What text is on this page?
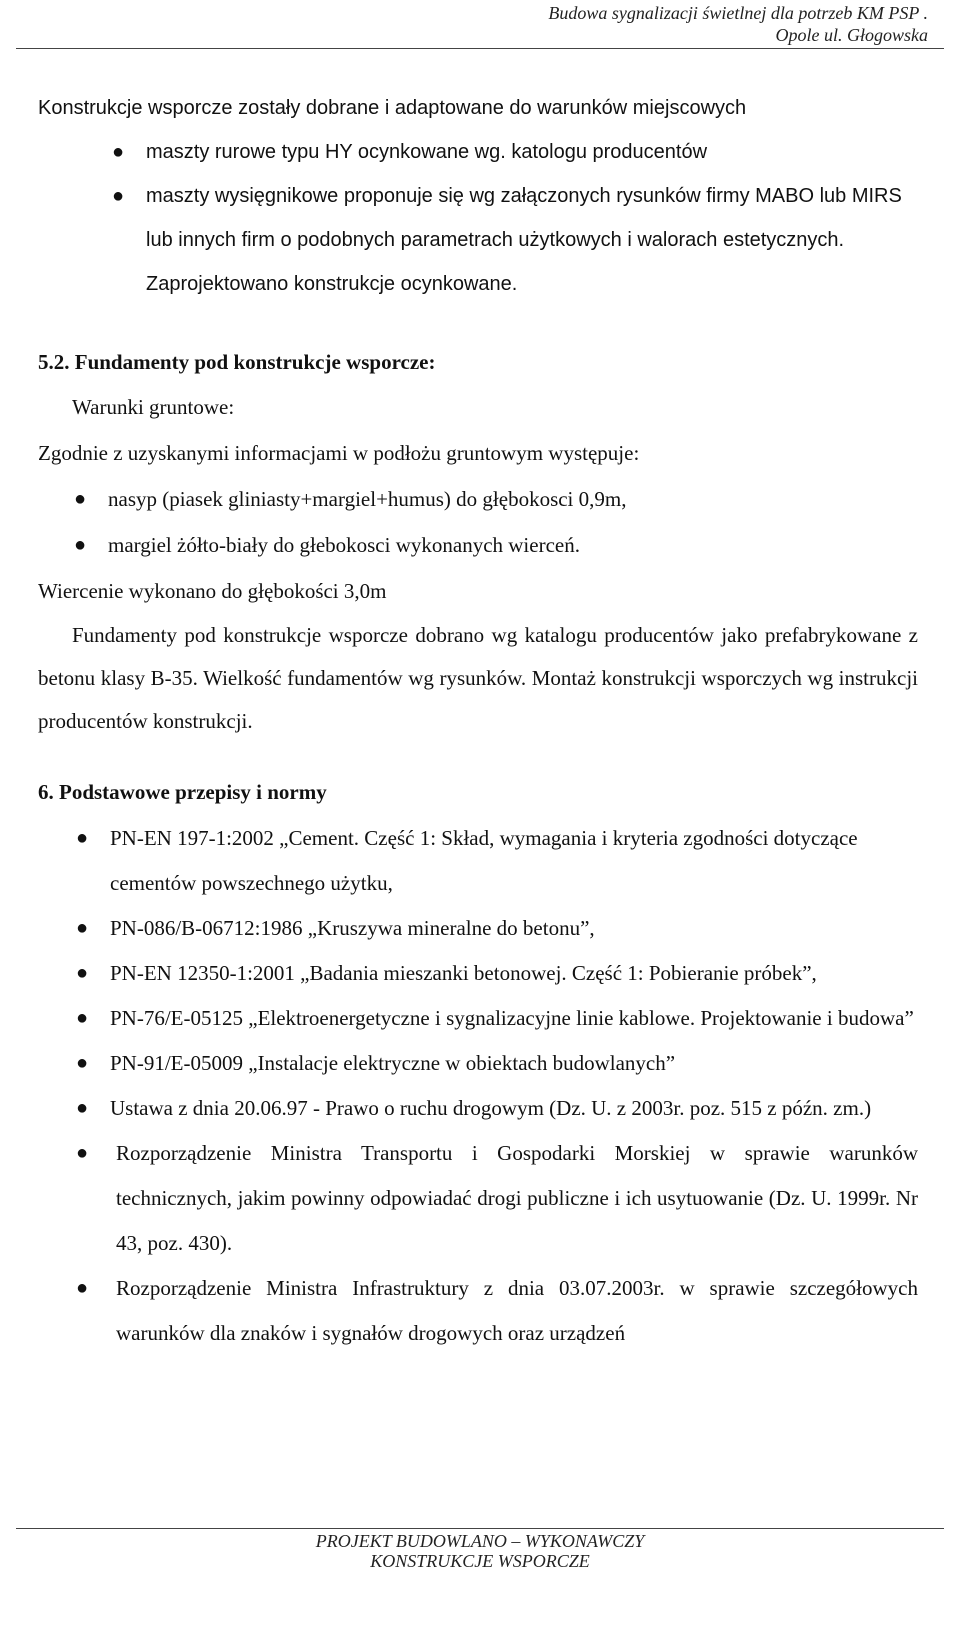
Budowa sygnalizacji świetlnej dla potrzeb KM PSP .
Opole ul. Głogowska
Konstrukcje wsporcze zostały dobrane i adaptowane do warunków miejscowych
● maszty rurowe typu HY ocynkowane wg. katologu producentów
● maszty wysięgnikowe proponuje się wg załączonych rysunków firmy MABO lub MIRS lub innych firm o podobnych parametrach użytkowych i walorach estetycznych. Zaprojektowano konstrukcje ocynkowane.
5.2. Fundamenty pod konstrukcje wsporcze:
Warunki gruntowe:
Zgodnie z uzyskanymi informacjami w podłożu gruntowym występuje:
● nasyp (piasek gliniasty+margiel+humus) do głębokosci 0,9m,
● margiel żółto-biały do głebokosci wykonanych wierceń.
Wiercenie wykonano do głębokości 3,0m
Fundamenty pod konstrukcje wsporcze dobrano wg katalogu producentów jako prefabrykowane z betonu klasy B-35. Wielkość fundamentów wg rysunków. Montaż konstrukcji wsporczych wg instrukcji producentów konstrukcji.
6. Podstawowe przepisy i normy
● PN-EN 197-1:2002 „Cement. Część 1: Skład, wymagania i kryteria zgodności dotyczące cementów powszechnego użytku,
● PN-086/B-06712:1986 „Kruszywa mineralne do betonu”,
● PN-EN 12350-1:2001 „Badania mieszanki betonowej. Część 1: Pobieranie próbek”,
● PN-76/E-05125 „Elektroenergetyczne i sygnalizacyjne linie kablowe. Projektowanie i budowa”
● PN-91/E-05009 „Instalacje elektryczne w obiektach budowlanych”
● Ustawa z dnia 20.06.97 - Prawo o ruchu drogowym (Dz. U. z 2003r. poz. 515 z późn. zm.)
● Rozporządzenie Ministra Transportu i Gospodarki Morskiej w sprawie warunków technicznych, jakim powinny odpowiadać drogi publiczne i ich usytuowanie (Dz. U. 1999r. Nr 43, poz. 430).
● Rozporządzenie Ministra Infrastruktury z dnia 03.07.2003r. w sprawie szczegółowych warunków dla znaków i sygnałów drogowych oraz urządzeń
PROJEKT BUDOWLANO – WYKONAWCZY
KONSTRUKCJE WSPORCZE
